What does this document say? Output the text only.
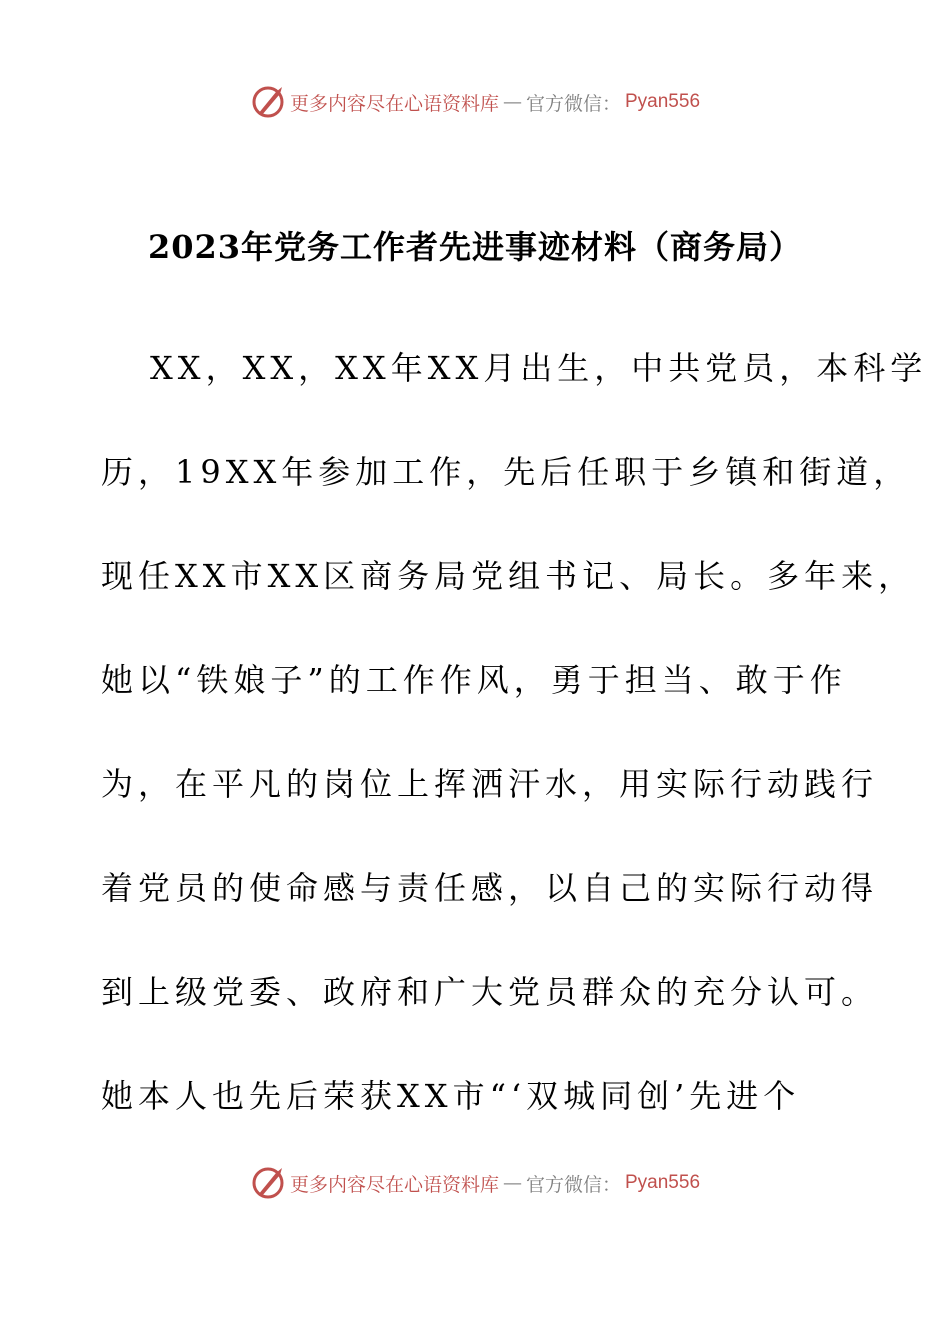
更多内容尽在心语资料库 — 官方微信： Pyan556
2023年党务工作者先进事迹材料（商务局）
XX，XX，XX年XX月出生，中共党员，本科学
历，19XX年参加工作，先后任职于乡镇和街道，
现任XX市XX区商务局党组书记、局长。多年来，
她以“铁娘子”的工作作风，勇于担当、敢于作
为，在平凡的岗位上挥洒汗水，用实际行动践行
着党员的使命感与责任感，以自己的实际行动得
到上级党委、政府和广大党员群众的充分认可。
她本人也先后荣获XX市“‘双城同创’先进个
更多内容尽在心语资料库 — 官方微信： Pyan556
